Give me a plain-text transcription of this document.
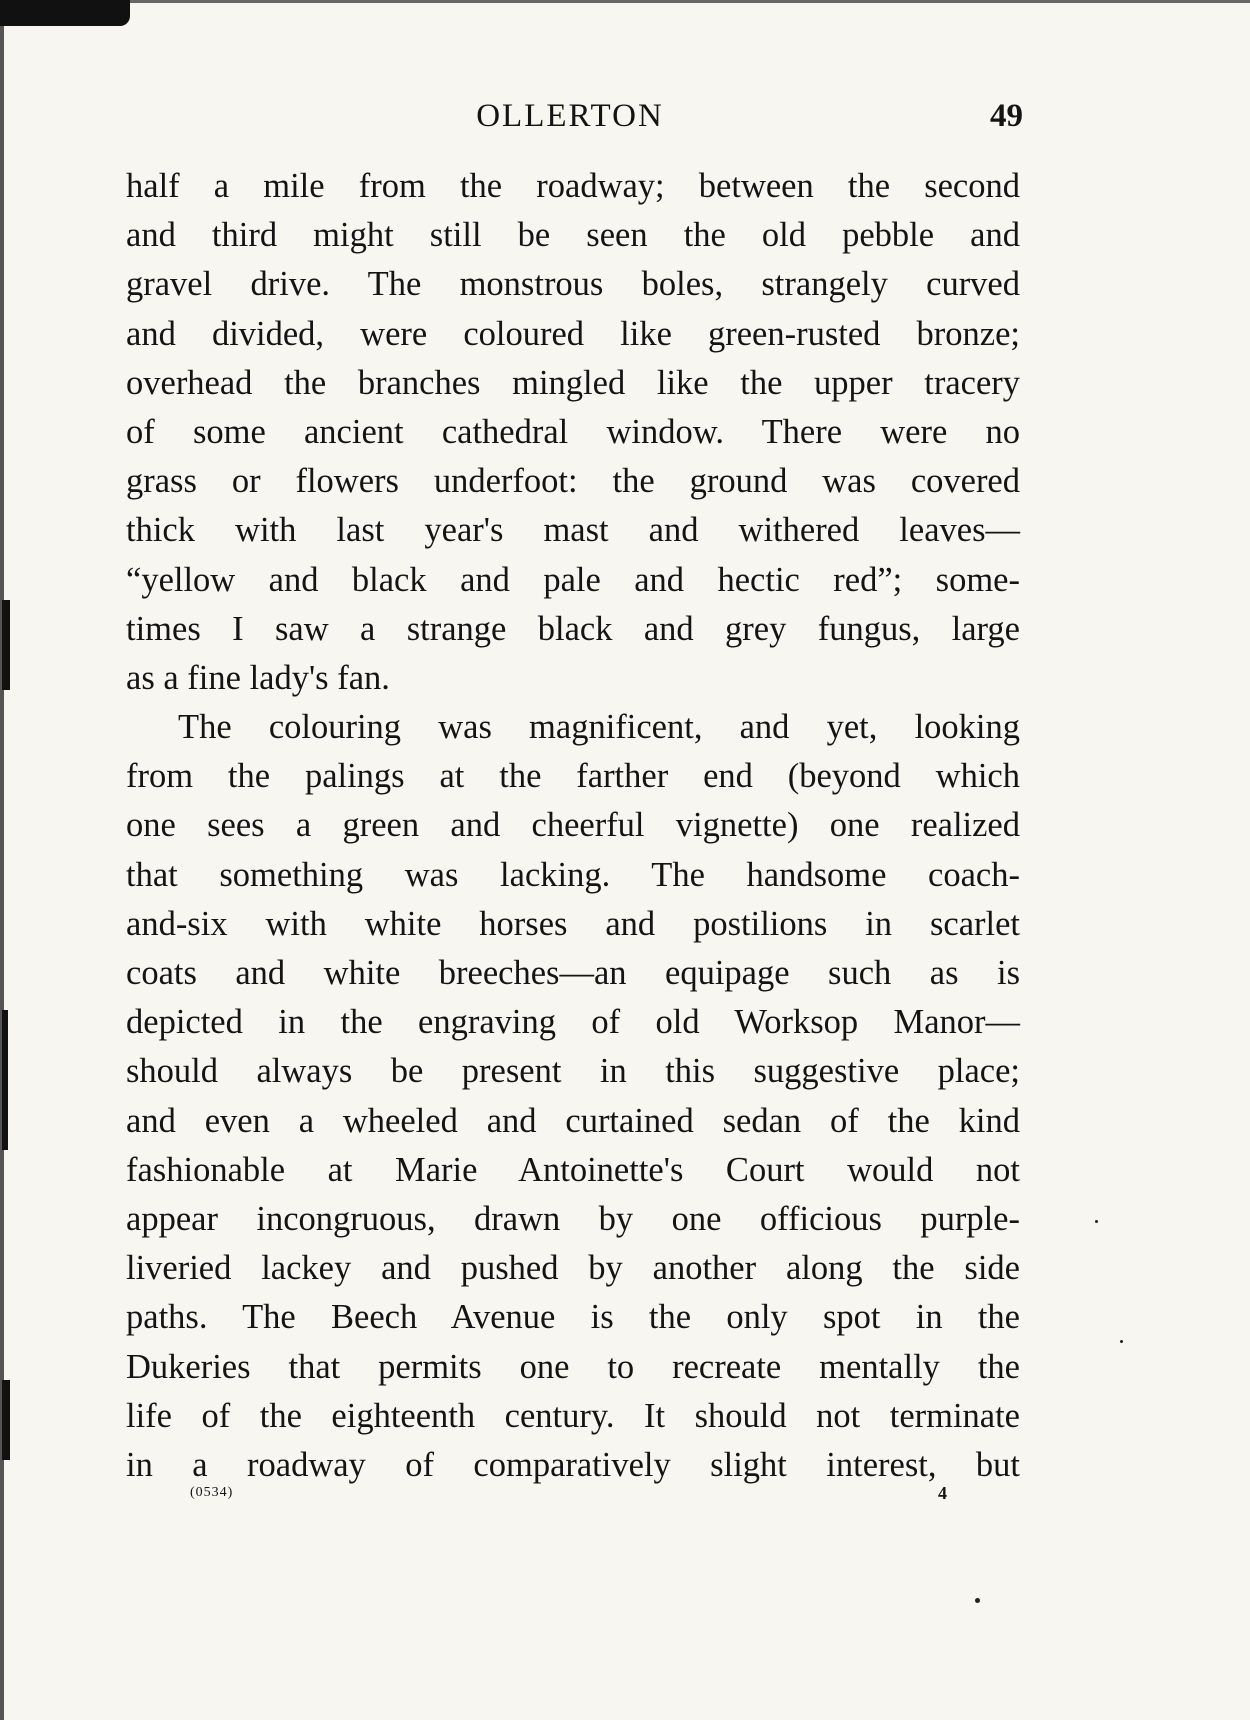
OLLERTON	49

half a mile from the roadway; between the second
and third might still be seen the old pebble and
gravel drive. The monstrous boles, strangely curved
and divided, were coloured like green-rusted bronze;
overhead the branches mingled like the upper tracery
of some ancient cathedral window. There were no
grass or flowers underfoot: the ground was covered
thick with last year's mast and withered leaves—
“yellow and black and pale and hectic red”; some-
times I saw a strange black and grey fungus, large
as a fine lady's fan.

The colouring was magnificent, and yet, looking
from the palings at the farther end (beyond which
one sees a green and cheerful vignette) one realized
that something was lacking. The handsome coach-
and-six with white horses and postilions in scarlet
coats and white breeches—an equipage such as is
depicted in the engraving of old Worksop Manor—
should always be present in this suggestive place;
and even a wheeled and curtained sedan of the kind
fashionable at Marie Antoinette's Court would not
appear incongruous, drawn by one officious purple-
liveried lackey and pushed by another along the side
paths. The Beech Avenue is the only spot in the
Dukeries that permits one to recreate mentally the
life of the eighteenth century. It should not terminate
in a roadway of comparatively slight interest, but

(0534)	4
